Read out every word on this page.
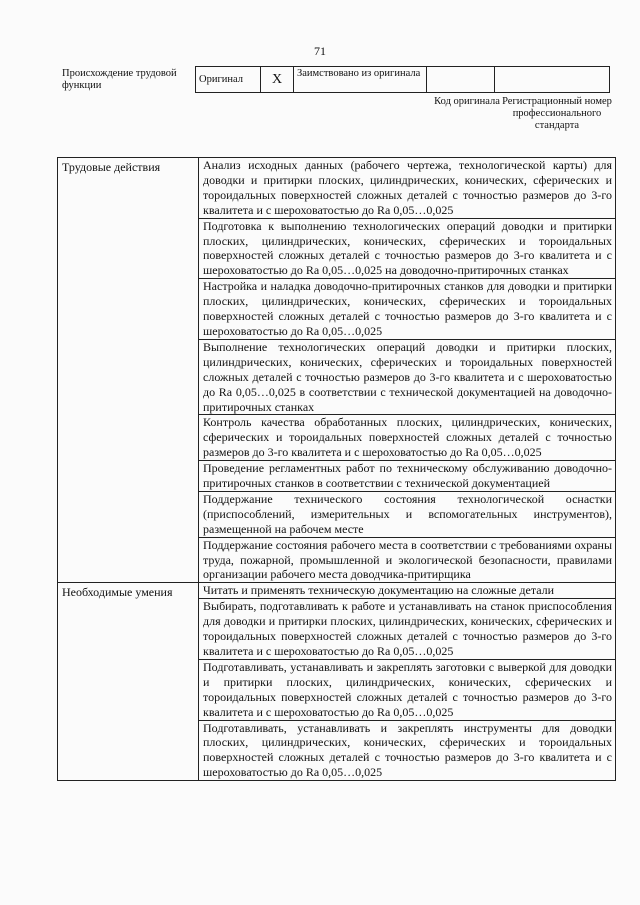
71
Происхождение трудовой функции
Оригинал	X	Заимствовано из оригинала		
Код оригинала Регистрационный номер профессионального стандарта
Трудовые действия	Анализ исходных данных (рабочего чертежа, технологической карты) для доводки и притирки плоских, цилиндрических, конических, сферических и тороидальных поверхностей сложных деталей с точностью размеров до 3-го квалитета и с шероховатостью до Ra 0,05…0,025
	Подготовка к выполнению технологических операций доводки и притирки плоских, цилиндрических, конических, сферических и тороидальных поверхностей сложных деталей с точностью размеров до 3-го квалитета и с шероховатостью до Ra 0,05…0,025 на доводочно-притирочных станках
	Настройка и наладка доводочно-притирочных станков для доводки и притирки плоских, цилиндрических, конических, сферических и тороидальных поверхностей сложных деталей с точностью размеров до 3-го квалитета и с шероховатостью до Ra 0,05…0,025
	Выполнение технологических операций доводки и притирки плоских, цилиндрических, конических, сферических и тороидальных поверхностей сложных деталей с точностью размеров до 3-го квалитета и с шероховатостью до Ra 0,05…0,025 в соответствии с технической документацией на доводочно-притирочных станках
	Контроль качества обработанных плоских, цилиндрических, конических, сферических и тороидальных поверхностей сложных деталей с точностью размеров до 3-го квалитета и с шероховатостью до Ra 0,05…0,025
	Проведение регламентных работ по техническому обслуживанию доводочно-притирочных станков в соответствии с технической документацией
	Поддержание технического состояния технологической оснастки (приспособлений, измерительных и вспомогательных инструментов), размещенной на рабочем месте
	Поддержание состояния рабочего места в соответствии с требованиями охраны труда, пожарной, промышленной и экологической безопасности, правилами организации рабочего места доводчика-притирщика
Необходимые умения	Читать и применять техническую документацию на сложные детали
	Выбирать, подготавливать к работе и устанавливать на станок приспособления для доводки и притирки плоских, цилиндрических, конических, сферических и тороидальных поверхностей сложных деталей с точностью размеров до 3-го квалитета и с шероховатостью до Ra 0,05…0,025
	Подготавливать, устанавливать и закреплять заготовки с выверкой для доводки и притирки плоских, цилиндрических, конических, сферических и тороидальных поверхностей сложных деталей с точностью размеров до 3-го квалитета и с шероховатостью до Ra 0,05…0,025
	Подготавливать, устанавливать и закреплять инструменты для доводки плоских, цилиндрических, конических, сферических и тороидальных поверхностей сложных деталей с точностью размеров до 3-го квалитета и с шероховатостью до Ra 0,05…0,025
